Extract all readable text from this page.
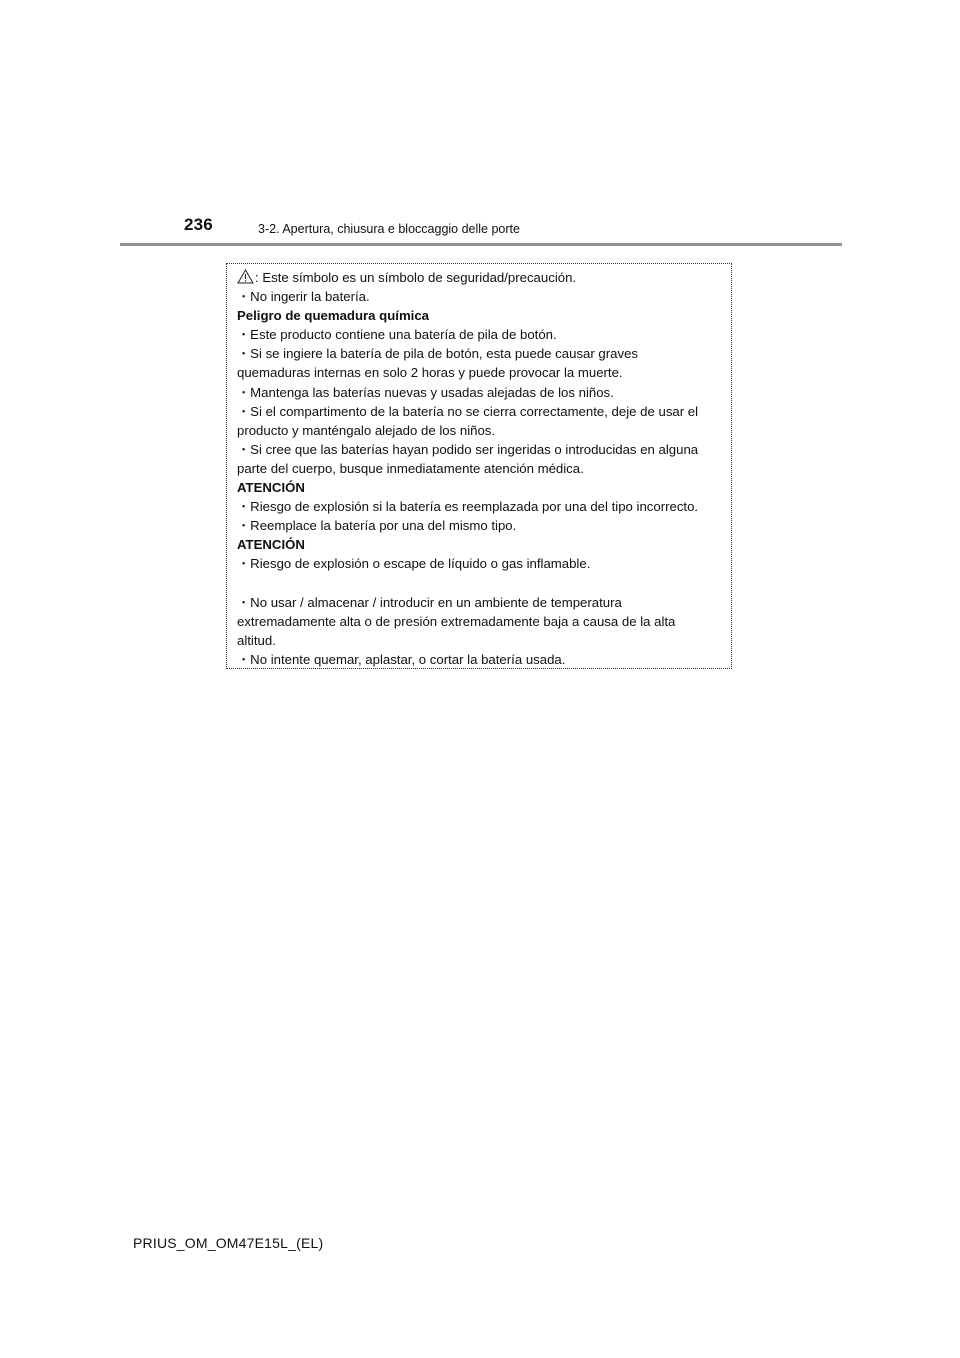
236	3-2. Apertura, chiusura e bloccaggio delle porte
: Este símbolo es un símbolo de seguridad/precaución.
・No ingerir la batería.
Peligro de quemadura química
・Este producto contiene una batería de pila de botón.
・Si se ingiere la batería de pila de botón, esta puede causar graves
quemaduras internas en solo 2 horas y puede provocar la muerte.
・Mantenga las baterías nuevas y usadas alejadas de los niños.
・Si el compartimento de la batería no se cierra correctamente, deje de usar el
producto y manténgalo alejado de los niños.
・Si cree que las baterías hayan podido ser ingeridas o introducidas en alguna
parte del cuerpo, busque inmediatamente atención médica.
ATENCIÓN
・Riesgo de explosión si la batería es reemplazada por una del tipo incorrecto.
・Reemplace la batería por una del mismo tipo.
ATENCIÓN
・Riesgo de explosión o escape de líquido o gas inflamable.
・No usar / almacenar / introducir en un ambiente de temperatura
extremadamente alta o de presión extremadamente baja a causa de la alta
altitud.
・No intente quemar, aplastar, o cortar la batería usada.
PRIUS_OM_OM47E15L_(EL)
